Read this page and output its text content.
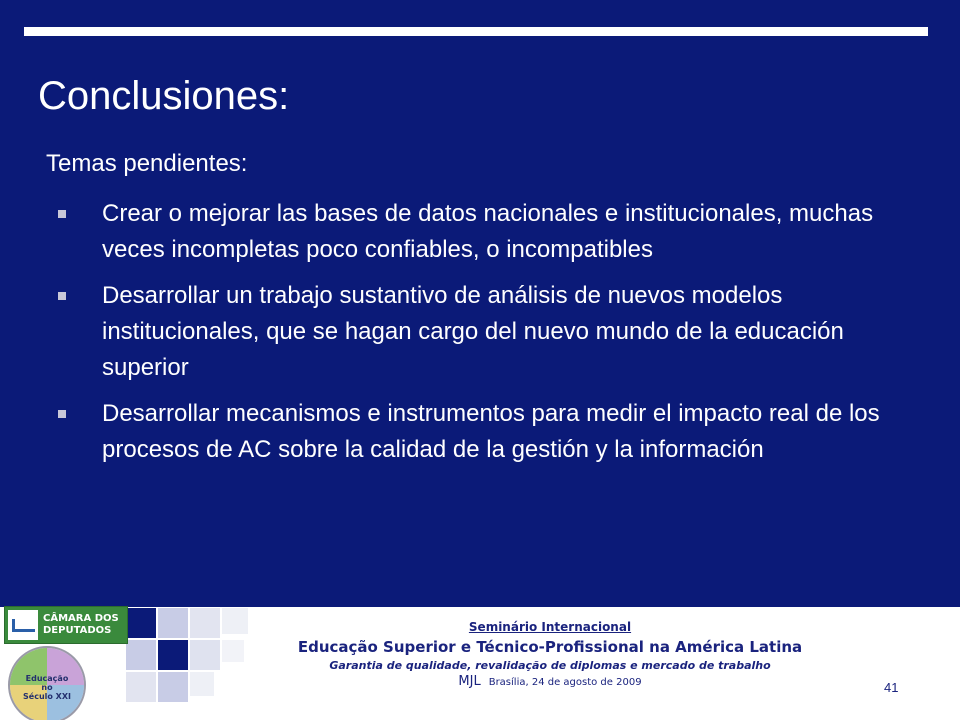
Conclusiones:
Temas pendientes:
Crear o mejorar las bases de datos nacionales e institucionales, muchas veces incompletas poco confiables, o incompatibles
Desarrollar un trabajo sustantivo de análisis de nuevos modelos institucionales, que se hagan cargo del nuevo mundo de la educación superior
Desarrollar mecanismos e instrumentos para medir el impacto real de los procesos de AC sobre la calidad de la gestión y la información
CÂMARA DOS
DEPUTADOS
Educação
no
Século XXI
Seminário Internacional
Educação Superior e Técnico-Profissional na América Latina
Garantia de qualidade, revalidação de diplomas e mercado de trabalho
MJL Brasília, 24 de agosto de 2009	41
